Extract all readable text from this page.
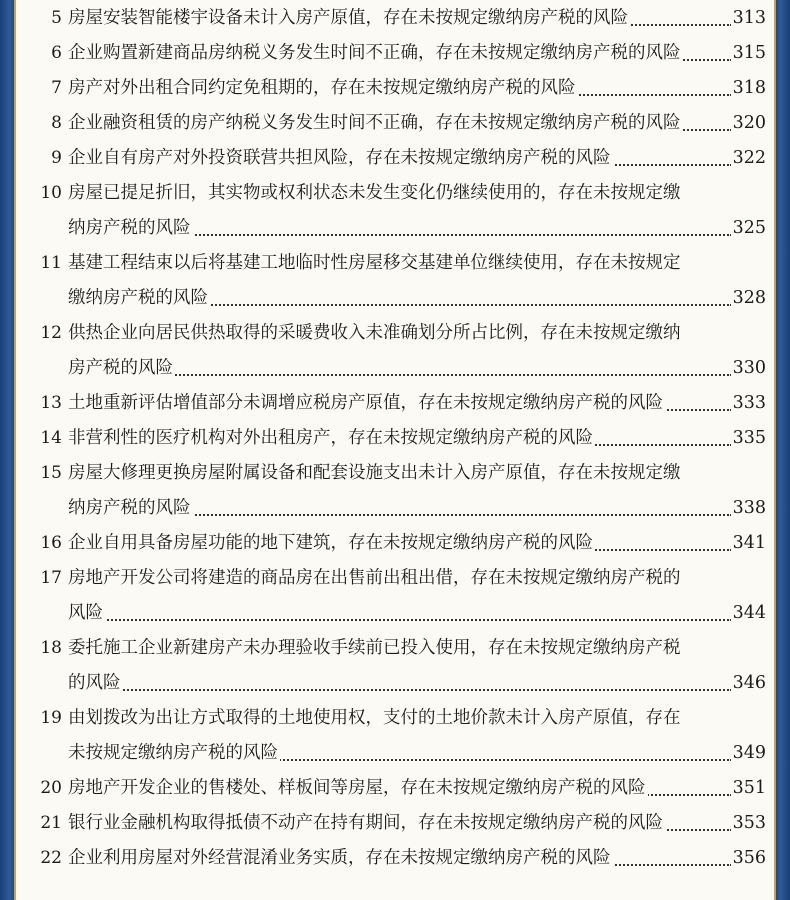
5 房屋安装智能楼宇设备未计入房产原值，存在未按规定缴纳房产税的风险	313
6 企业购置新建商品房纳税义务发生时间不正确，存在未按规定缴纳房产税的风险	315
7 房产对外出租合同约定免租期的，存在未按规定缴纳房产税的风险	318
8 企业融资租赁的房产纳税义务发生时间不正确，存在未按规定缴纳房产税的风险	320
9 企业自有房产对外投资联营共担风险，存在未按规定缴纳房产税的风险	322
10 房屋已提足折旧，其实物或权利状态未发生变化仍继续使用的，存在未按规定缴
纳房产税的风险	325
11 基建工程结束以后将基建工地临时性房屋移交基建单位继续使用，存在未按规定
缴纳房产税的风险	328
12 供热企业向居民供热取得的采暖费收入未准确划分所占比例，存在未按规定缴纳
房产税的风险	330
13 土地重新评估增值部分未调增应税房产原值，存在未按规定缴纳房产税的风险	333
14 非营利性的医疗机构对外出租房产，存在未按规定缴纳房产税的风险	335
15 房屋大修理更换房屋附属设备和配套设施支出未计入房产原值，存在未按规定缴
纳房产税的风险	338
16 企业自用具备房屋功能的地下建筑，存在未按规定缴纳房产税的风险	341
17 房地产开发公司将建造的商品房在出售前出租出借，存在未按规定缴纳房产税的
风险	344
18 委托施工企业新建房产未办理验收手续前已投入使用，存在未按规定缴纳房产税
的风险	346
19 由划拨改为出让方式取得的土地使用权，支付的土地价款未计入房产原值，存在
未按规定缴纳房产税的风险	349
20 房地产开发企业的售楼处、样板间等房屋，存在未按规定缴纳房产税的风险	351
21 银行业金融机构取得抵债不动产在持有期间，存在未按规定缴纳房产税的风险	353
22 企业利用房屋对外经营混淆业务实质，存在未按规定缴纳房产税的风险	356
